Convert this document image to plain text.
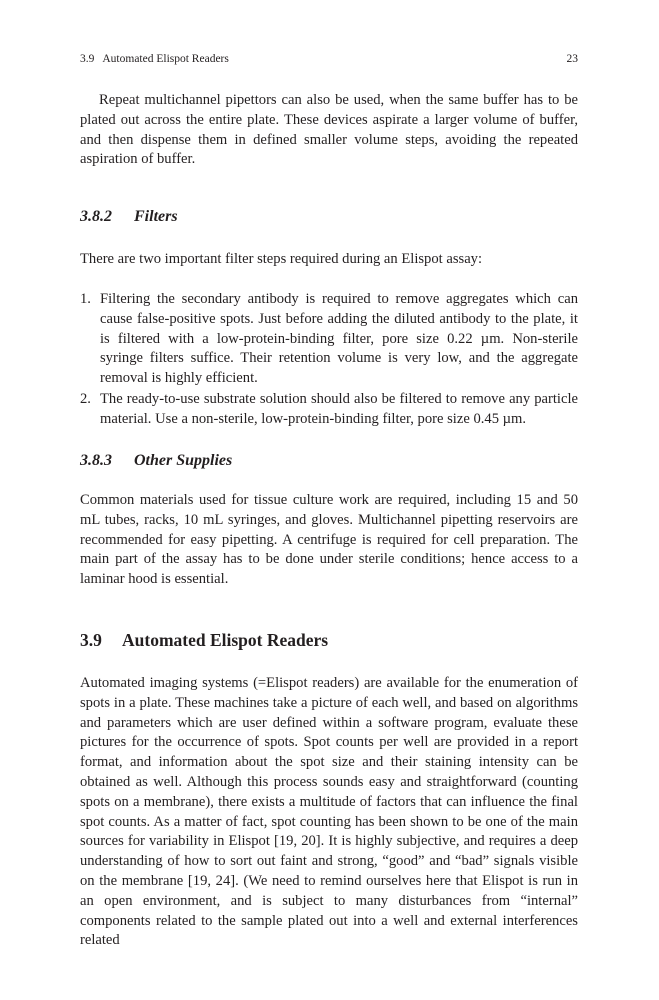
3.9 Automated Elispot Readers	23

Repeat multichannel pipettors can also be used, when the same buffer has to be plated out across the entire plate. These devices aspirate a larger volume of buffer, and then dispense them in defined smaller volume steps, avoiding the repeated aspiration of buffer.

3.8.2 Filters

There are two important filter steps required during an Elispot assay:

1. Filtering the secondary antibody is required to remove aggregates which can cause false-positive spots. Just before adding the diluted antibody to the plate, it is filtered with a low-protein-binding filter, pore size 0.22 µm. Non-sterile syringe filters suffice. Their retention volume is very low, and the aggregate removal is highly efficient.
2. The ready-to-use substrate solution should also be filtered to remove any particle material. Use a non-sterile, low-protein-binding filter, pore size 0.45 µm.
3.8.3 Other Supplies

Common materials used for tissue culture work are required, including 15 and 50 mL tubes, racks, 10 mL syringes, and gloves. Multichannel pipetting reservoirs are recommended for easy pipetting. A centrifuge is required for cell preparation. The main part of the assay has to be done under sterile conditions; hence access to a laminar hood is essential.

3.9 Automated Elispot Readers

Automated imaging systems (=Elispot readers) are available for the enumeration of spots in a plate. These machines take a picture of each well, and based on algorithms and parameters which are user defined within a software program, evaluate these pictures for the occurrence of spots. Spot counts per well are provided in a report format, and information about the spot size and their staining intensity can be obtained as well. Although this process sounds easy and straightforward (counting spots on a membrane), there exists a multitude of factors that can influence the final spot counts. As a matter of fact, spot counting has been shown to be one of the main sources for variability in Elispot [19, 20]. It is highly subjective, and requires a deep understanding of how to sort out faint and strong, “good” and “bad” signals visible on the membrane [19, 24]. (We need to remind ourselves here that Elispot is run in an open environment, and is subject to many disturbances from “internal” components related to the sample plated out into a well and external interferences related
